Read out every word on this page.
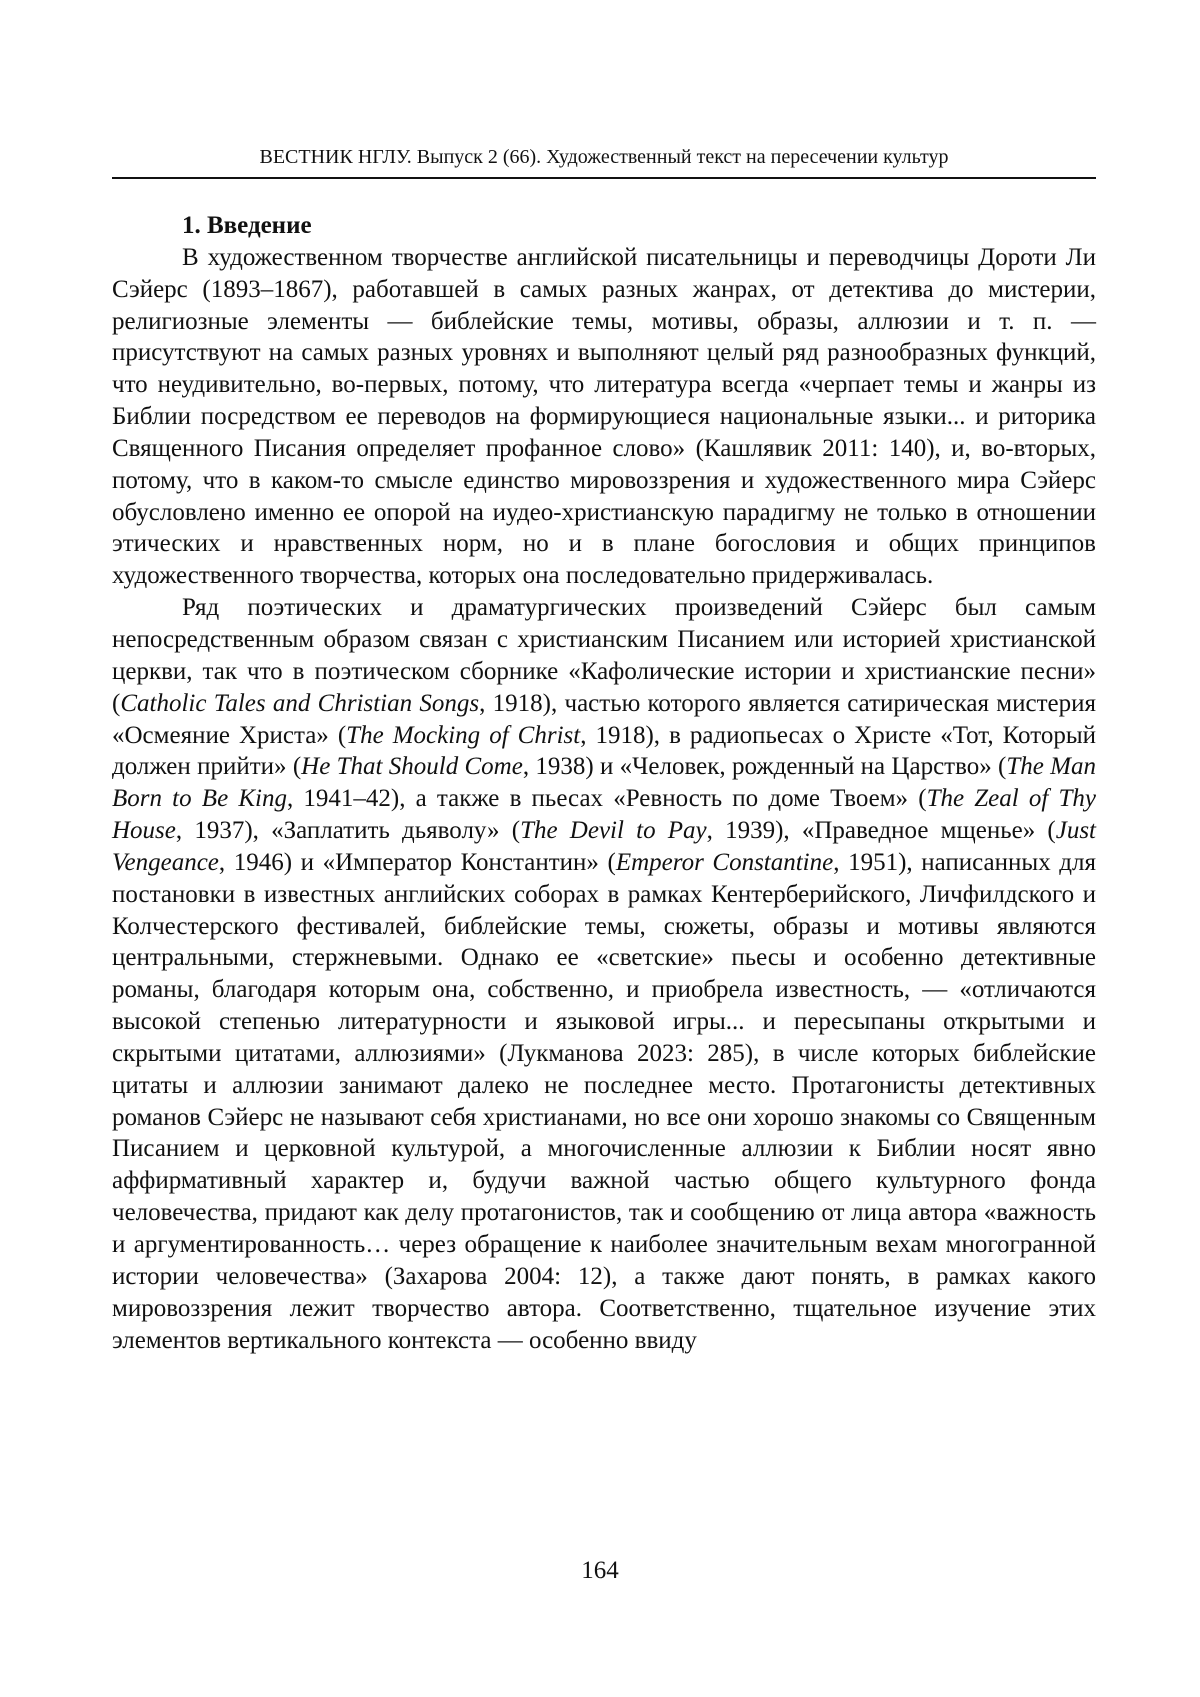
ВЕСТНИК НГЛУ. Выпуск 2 (66). Художественный текст на пересечении культур

1. Введение

В художественном творчестве английской писательницы и переводчицы Дороти Ли Сэйерс (1893–1867), работавшей в самых разных жанрах, от детектива до мистерии, религиозные элементы — библейские темы, мотивы, образы, аллюзии и т. п. — присутствуют на самых разных уровнях и выполняют целый ряд разнообразных функций, что неудивительно, во-первых, потому, что литература всегда «черпает темы и жанры из Библии посредством ее переводов на формирующиеся национальные языки... и риторика Священного Писания определяет профанное слово» (Кашлявик 2011: 140), и, во-вторых, потому, что в каком-то смысле единство мировоззрения и художественного мира Сэйерс обусловлено именно ее опорой на иудео-христианскую парадигму не только в отношении этических и нравственных норм, но и в плане богословия и общих принципов художественного творчества, которых она последовательно придерживалась.

Ряд поэтических и драматургических произведений Сэйерс был самым непосредственным образом связан с христианским Писанием или историей христианской церкви, так что в поэтическом сборнике «Кафолические истории и христианские песни» (Catholic Tales and Christian Songs, 1918), частью которого является сатирическая мистерия «Осмеяние Христа» (The Mocking of Christ, 1918), в радиопьесах о Христе «Тот, Который должен прийти» (He That Should Come, 1938) и «Человек, рожденный на Царство» (The Man Born to Be King, 1941–42), а также в пьесах «Ревность по доме Твоем» (The Zeal of Thy House, 1937), «Заплатить дьяволу» (The Devil to Pay, 1939), «Праведное мщенье» (Just Vengeance, 1946) и «Император Константин» (Emperor Constantine, 1951), написанных для постановки в известных английских соборах в рамках Кентерберийского, Личфилдского и Колчестерского фестивалей, библейские темы, сюжеты, образы и мотивы являются центральными, стержневыми. Однако ее «светские» пьесы и особенно детективные романы, благодаря которым она, собственно, и приобрела известность, — «отличаются высокой степенью литературности и языковой игры... и пересыпаны открытыми и скрытыми цитатами, аллюзиями» (Лукманова 2023: 285), в числе которых библейские цитаты и аллюзии занимают далеко не последнее место. Протагонисты детективных романов Сэйерс не называют себя христианами, но все они хорошо знакомы со Священным Писанием и церковной культурой, а многочисленные аллюзии к Библии носят явно аффирмативный характер и, будучи важной частью общего культурного фонда человечества, придают как делу протагонистов, так и сообщению от лица автора «важность и аргументированность… через обращение к наиболее значительным вехам многогранной истории человечества» (Захарова 2004: 12), а также дают понять, в рамках какого мировоззрения лежит творчество автора. Соответственно, тщательное изучение этих элементов вертикального контекста — особенно ввиду

164
